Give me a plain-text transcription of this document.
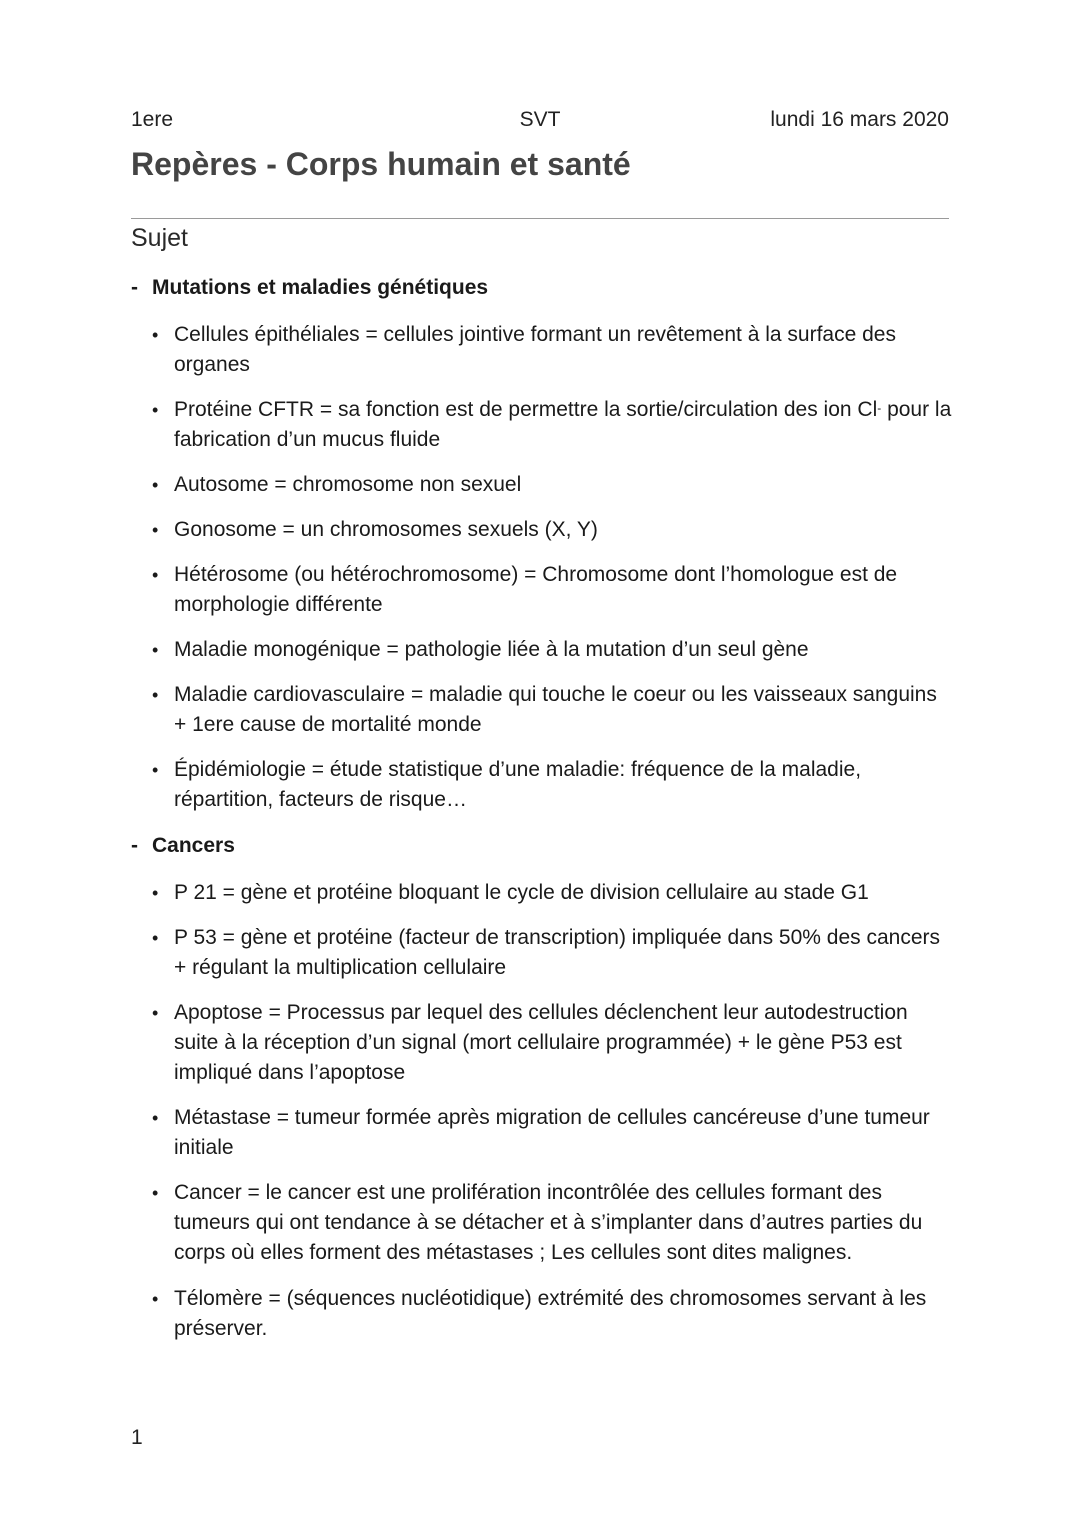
1ere	SVT	lundi 16 mars 2020
Repères - Corps humain et santé
Sujet
- Mutations et maladies génétiques
• Cellules épithéliales = cellules jointive formant un revêtement à la surface des organes
• Protéine CFTR = sa fonction est de permettre la sortie/circulation des ion Cl- pour la fabrication d’un mucus fluide
• Autosome = chromosome non sexuel
• Gonosome = un chromosomes sexuels (X, Y)
• Hétérosome (ou hétérochromosome) = Chromosome dont l’homologue est de morphologie différente
• Maladie monogénique = pathologie liée à la mutation d’un seul gène
• Maladie cardiovasculaire = maladie qui touche le coeur ou les vaisseaux sanguins + 1ere cause de mortalité monde
• Épidémiologie = étude statistique d’une maladie: fréquence de la maladie, répartition, facteurs de risque…
- Cancers
• P 21 = gène et protéine bloquant le cycle de division cellulaire au stade G1
• P 53 = gène et protéine (facteur de transcription) impliquée dans 50% des cancers + régulant la multiplication cellulaire
• Apoptose = Processus par lequel des cellules déclenchent leur autodestruction suite à la réception d’un signal (mort cellulaire programmée) + le gène P53 est impliqué dans l’apoptose
• Métastase = tumeur formée après migration de cellules cancéreuse d’une tumeur initiale
• Cancer = le cancer est une prolifération incontrôlée des cellules formant des tumeurs qui ont tendance à se détacher et à s’implanter dans d’autres parties du corps où elles forment des métastases ; Les cellules sont dites malignes.
• Télomère = (séquences nucléotidique) extrémité des chromosomes servant à les préserver.
1
